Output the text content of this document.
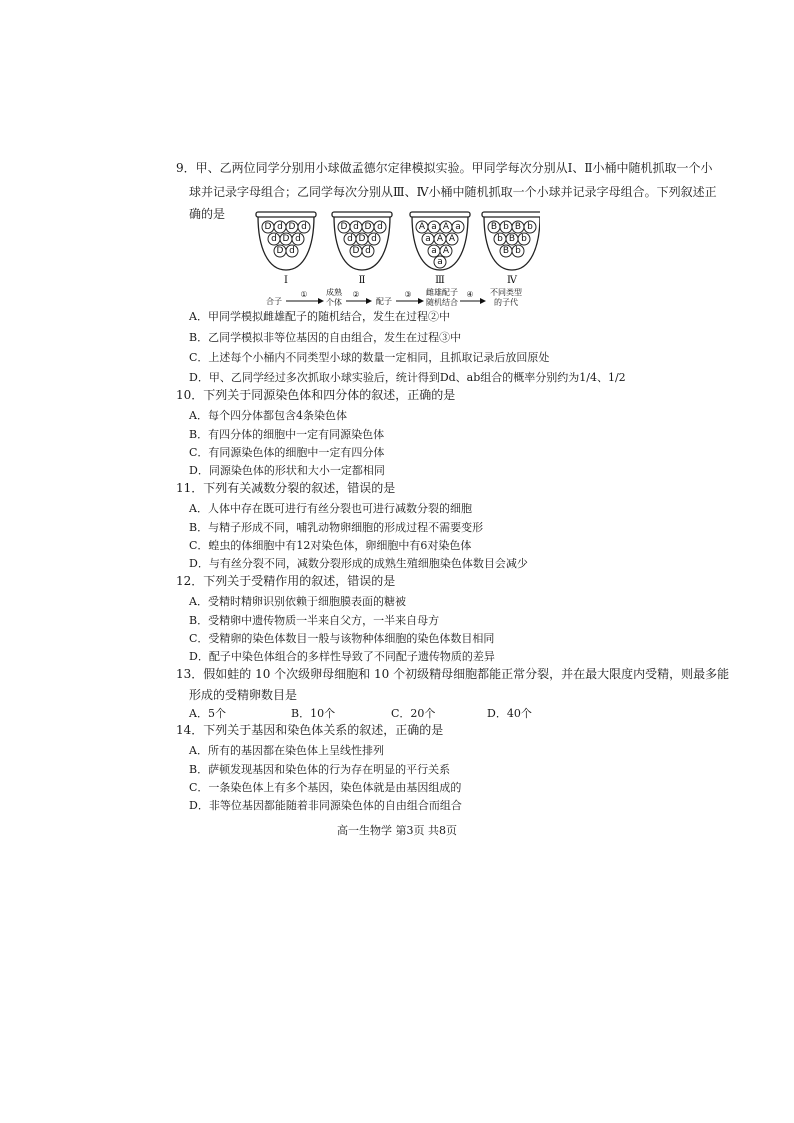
9．甲、乙两位同学分别用小球做孟德尔定律模拟实验。甲同学每次分别从Ⅰ、Ⅱ小桶中随机抓取一个小
球并记录字母组合；乙同学每次分别从Ⅲ、Ⅳ小桶中随机抓取一个小球并记录字母组合。下列叙述正
确的是
D d D d
d D d
D d
Ⅰ
D d D d
d D d
D d
Ⅱ
A a A a
a A A
a A
a
Ⅲ
B b B b
b B b
B b
Ⅳ
合子
① 成熟
个体
②
配子
③ 雌雄配子
随机结合
④ 不同类型
的子代
A．甲同学模拟雌雄配子的随机结合，发生在过程②中
B．乙同学模拟非等位基因的自由组合，发生在过程③中
C．上述每个小桶内不同类型小球的数量一定相同，且抓取记录后放回原处
D．甲、乙同学经过多次抓取小球实验后，统计得到Dd、ab组合的概率分别约为1/4、1/2
10．下列关于同源染色体和四分体的叙述，正确的是
A．每个四分体都包含4条染色体
B．有四分体的细胞中一定有同源染色体
C．有同源染色体的细胞中一定有四分体
D．同源染色体的形状和大小一定都相同
11．下列有关减数分裂的叙述，错误的是
A．人体中存在既可进行有丝分裂也可进行减数分裂的细胞
B．与精子形成不同，哺乳动物卵细胞的形成过程不需要变形
C．蝗虫的体细胞中有12对染色体，卵细胞中有6对染色体
D．与有丝分裂不同，减数分裂形成的成熟生殖细胞染色体数目会减少
12．下列关于受精作用的叙述，错误的是
A．受精时精卵识别依赖于细胞膜表面的糖被
B．受精卵中遗传物质一半来自父方，一半来自母方
C．受精卵的染色体数目一般与该物种体细胞的染色体数目相同
D．配子中染色体组合的多样性导致了不同配子遗传物质的差异
13．假如蛙的 10 个次级卵母细胞和 10 个初级精母细胞都能正常分裂，并在最大限度内受精，则最多能
形成的受精卵数目是
A．5个	B．10个	C．20个	D．40个
14．下列关于基因和染色体关系的叙述，正确的是
A．所有的基因都在染色体上呈线性排列
B．萨顿发现基因和染色体的行为存在明显的平行关系
C．一条染色体上有多个基因，染色体就是由基因组成的
D．非等位基因都能随着非同源染色体的自由组合而组合
高一生物学 第3页 共8页
